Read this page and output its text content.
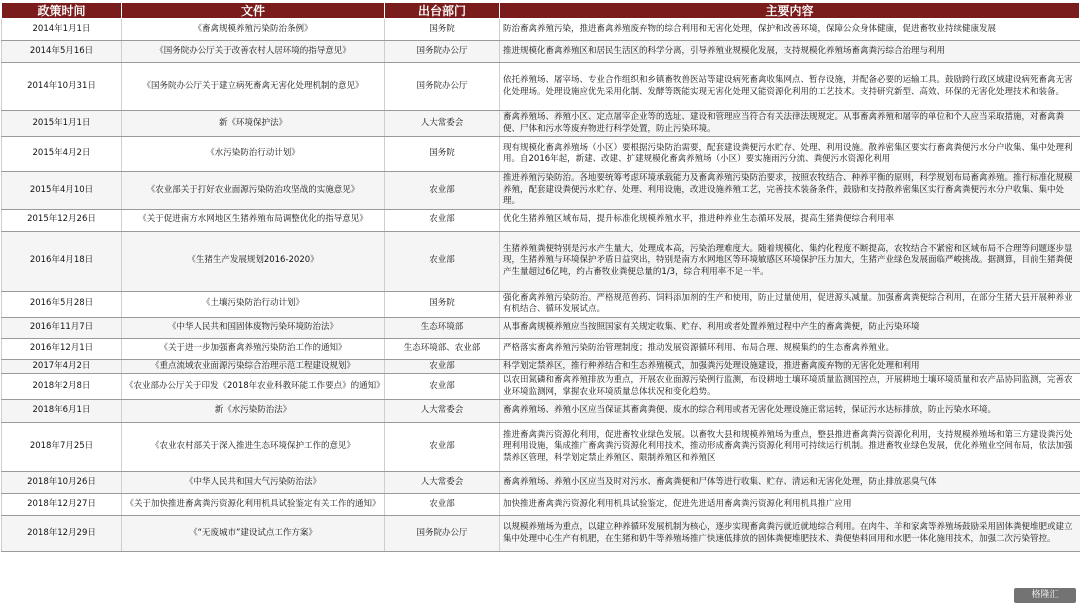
政策时间	文件	出台部门	主要内容
2014年1月1日	《畜禽规模养殖污染防治条例》	国务院	防治畜禽养殖污染，推进畜禽养殖废弃物的综合利用和无害化处理，保护和改善环境，保障公众身体健康，促进畜牧业持续健康发展
2014年5月16日	《国务院办公厅关于改善农村人居环境的指导意见》	国务院办公厅	推进规模化畜禽养殖区和居民生活区的科学分离，引导养殖业规模化发展，支持规模化养殖场畜禽粪污综合治理与利用
2014年10月31日	《国务院办公厅关于建立病死畜禽无害化处理机制的意见》	国务院办公厅	依托养殖场、屠宰场、专业合作组织和乡镇畜牧兽医站等建设病死畜禽收集网点、暂存设施，并配备必要的运输工具。鼓励跨行政区域建设病死畜禽无害化处理场。处理设施应优先采用化制、发酵等既能实现无害化处理又能资源化利用的工艺技术。支持研究新型、高效、环保的无害化处理技术和装备。
2015年1月1日	新《环境保护法》	人大常委会	畜禽养殖场、养殖小区、定点屠宰企业等的选址、建设和管理应当符合有关法律法规规定。从事畜禽养殖和屠宰的单位和个人应当采取措施，对畜禽粪便、尸体和污水等废弃物进行科学处置，防止污染环境。
2015年4月2日	《水污染防治行动计划》	国务院	现有规模化畜禽养殖场（小区）要根据污染防治需要，配套建设粪便污水贮存、处理、利用设施。散养密集区要实行畜禽粪便污水分户收集、集中处理利用。自2016年起，新建、改建、扩建规模化畜禽养殖场（小区）要实施雨污分流、粪便污水资源化利用
2015年4月10日	《农业部关于打好农业面源污染防治攻坚战的实施意见》	农业部	推进养殖污染防治。各地要统筹考虑环境承载能力及畜禽养殖污染防治要求，按照农牧结合、种养平衡的原则，科学规划布局畜禽养殖。推行标准化规模养殖，配套建设粪便污水贮存、处理、利用设施，改进设施养殖工艺，完善技术装备条件，鼓励和支持散养密集区实行畜禽粪便污水分户收集、集中处理。
2015年12月26日	《关于促进南方水网地区生猪养殖布局调整优化的指导意见》	农业部	优化生猪养殖区域布局，提升标准化规模养殖水平，推进种养业生态循环发展，提高生猪粪便综合利用率
2016年4月18日	《生猪生产发展规划2016-2020》	农业部	生猪养殖粪便特别是污水产生量大，处理成本高，污染治理难度大。随着规模化、集约化程度不断提高，农牧结合不紧密和区域布局不合理等问题逐步显现，生猪养殖与环境保护矛盾日益突出，特别是南方水网地区等环境敏感区环境保护压力加大，生猪产业绿色发展面临严峻挑战。据测算，目前生猪粪便产生量超过6亿吨，约占畜牧业粪便总量的1/3，综合利用率不足一半。
2016年5月28日	《土壤污染防治行动计划》	国务院	强化畜禽养殖污染防治。严格规范兽药、饲料添加剂的生产和使用，防止过量使用，促进源头减量。加强畜禽粪便综合利用，在部分生猪大县开展种养业有机结合、循环发展试点。
2016年11月7日	《中华人民共和国固体废物污染环境防治法》	生态环境部	从事畜禽规模养殖应当按照国家有关规定收集、贮存、利用或者处置养殖过程中产生的畜禽粪便，防止污染环境
2016年12月1日	《关于进一步加强畜禽养殖污染防治工作的通知》	生态环境部、农业部	严格落实畜禽养殖污染防治管理制度；推动发展资源循环利用、布局合理、规模集约的生态畜禽养殖业。
2017年4月2日	《重点流域农业面源污染综合治理示范工程建设规划》	农业部	科学划定禁养区，推行种养结合和生态养殖模式，加强粪污处理设施建设，推进畜禽废弃物的无害化处理和利用
2018年2月8日	《农业部办公厅关于印发《2018年农业科教环能工作要点》的通知》	农业部	以农田氮磷和畜禽养殖排放为重点，开展农业面源污染例行监测，布设耕地土壤环境质量监测国控点，开展耕地土壤环境质量和农产品协同监测，完善农业环境监测网，掌握农业环境质量总体状况和变化趋势。
2018年6月1日	新《水污染防治法》	人大常委会	畜禽养殖场、养殖小区应当保证其畜禽粪便、废水的综合利用或者无害化处理设施正常运转，保证污水达标排放，防止污染水环境。
2018年7月25日	《农业农村部关于深入推进生态环境保护工作的意见》	农业部	推进畜禽粪污资源化利用，促进畜牧业绿色发展。以畜牧大县和规模养殖场为重点，整县推进畜禽粪污资源化利用，支持规模养殖场和第三方建设粪污处理利用设施，集成推广畜禽粪污资源化利用技术，推动形成畜禽粪污资源化利用可持续运行机制。推进畜牧业绿色发展，优化养殖业空间布局，依法加强禁养区管理，科学划定禁止养殖区、限制养殖区和养殖区
2018年10月26日	《中华人民共和国大气污染防治法》	人大常委会	畜禽养殖场、养殖小区应当及时对污水、畜禽粪便和尸体等进行收集、贮存、清运和无害化处理，防止排放恶臭气体
2018年12月27日	《关于加快推进畜禽粪污资源化利用机具试验鉴定有关工作的通知》	农业部	加快推进畜禽粪污资源化利用机具试验鉴定，促进先进适用畜禽粪污资源化利用机具推广应用
2018年12月29日	《“无废城市”建设试点工作方案》	国务院办公厅	以规模养殖场为重点，以建立种养循环发展机制为核心，逐步实现畜禽粪污就近就地综合利用。在肉牛、羊和家禽等养殖场鼓励采用固体粪便堆肥或建立集中处理中心生产有机肥，在生猪和奶牛等养殖场推广快速低排放的固体粪便堆肥技术、粪便垫料回用和水肥一体化施用技术，加强二次污染管控。
格隆汇
